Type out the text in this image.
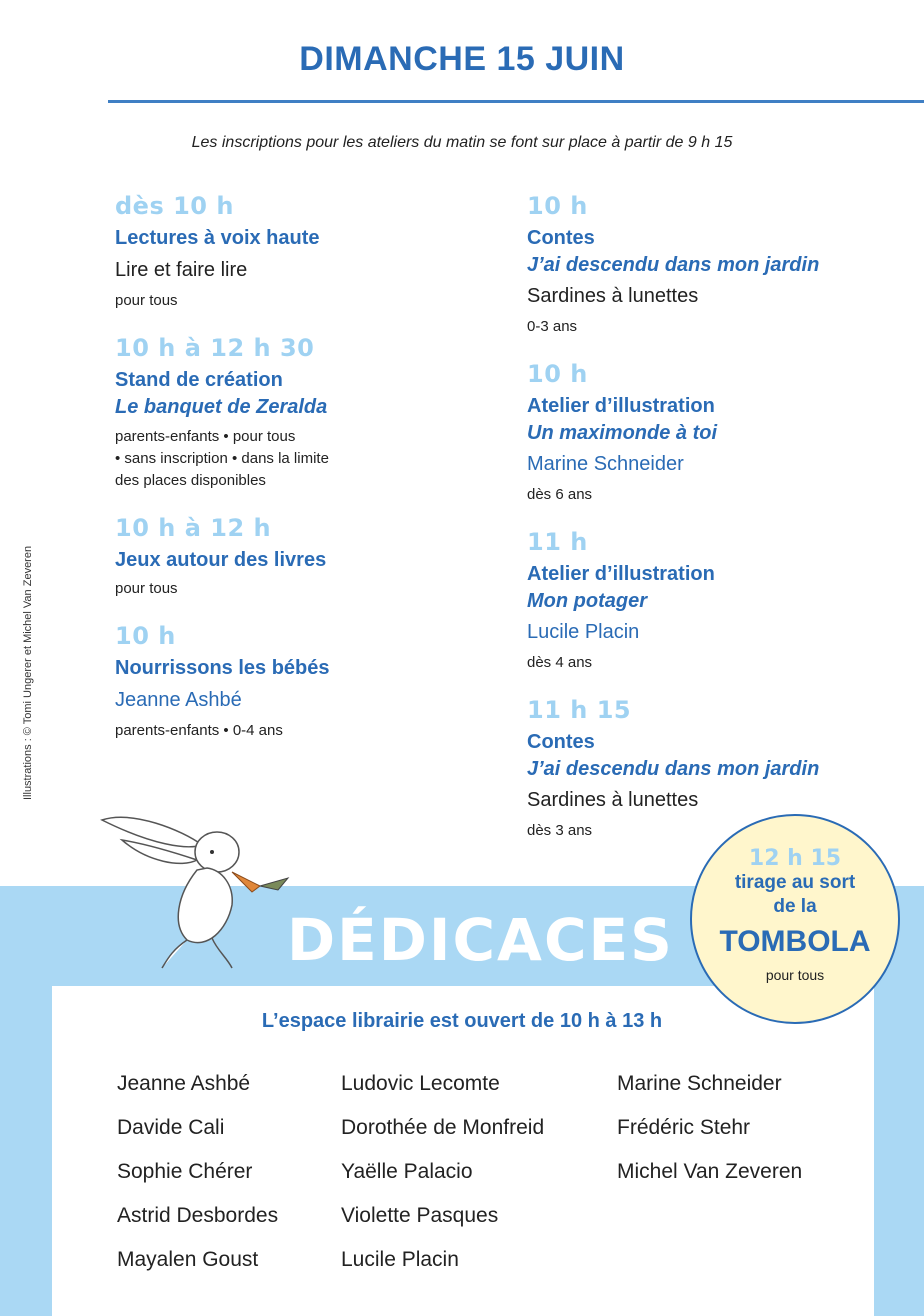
DIMANCHE 15 JUIN
Les inscriptions pour les ateliers du matin se font sur place à partir de 9 h 15
Illustrations : © Tomi Ungerer et Michel Van Zeveren
dès 10 h
Lectures à voix haute
Lire et faire lire
pour tous
10 h à 12 h 30
Stand de création
Le banquet de Zeralda
parents-enfants • pour tous
• sans inscription • dans la limite
des places disponibles
10 h à 12 h
Jeux autour des livres
pour tous
10 h
Nourrissons les bébés
Jeanne Ashbé
parents-enfants • 0-4 ans
10 h
Contes
J’ai descendu dans mon jardin
Sardines à lunettes
0-3 ans
10 h
Atelier d’illustration
Un maximonde à toi
Marine Schneider
dès 6 ans
11 h
Atelier d’illustration
Mon potager
Lucile Placin
dès 4 ans
11 h 15
Contes
J’ai descendu dans mon jardin
Sardines à lunettes
dès 3 ans
DÉDICACES
12 h 15
tirage au sort
de la
TOMBOLA
pour tous
L’espace librairie est ouvert de 10 h à 13 h
Jeanne Ashbé
Davide Cali
Sophie Chérer
Astrid Desbordes
Mayalen Goust
Ludovic Lecomte
Dorothée de Monfreid
Yaëlle Palacio
Violette Pasques
Lucile Placin
Marine Schneider
Frédéric Stehr
Michel Van Zeveren
